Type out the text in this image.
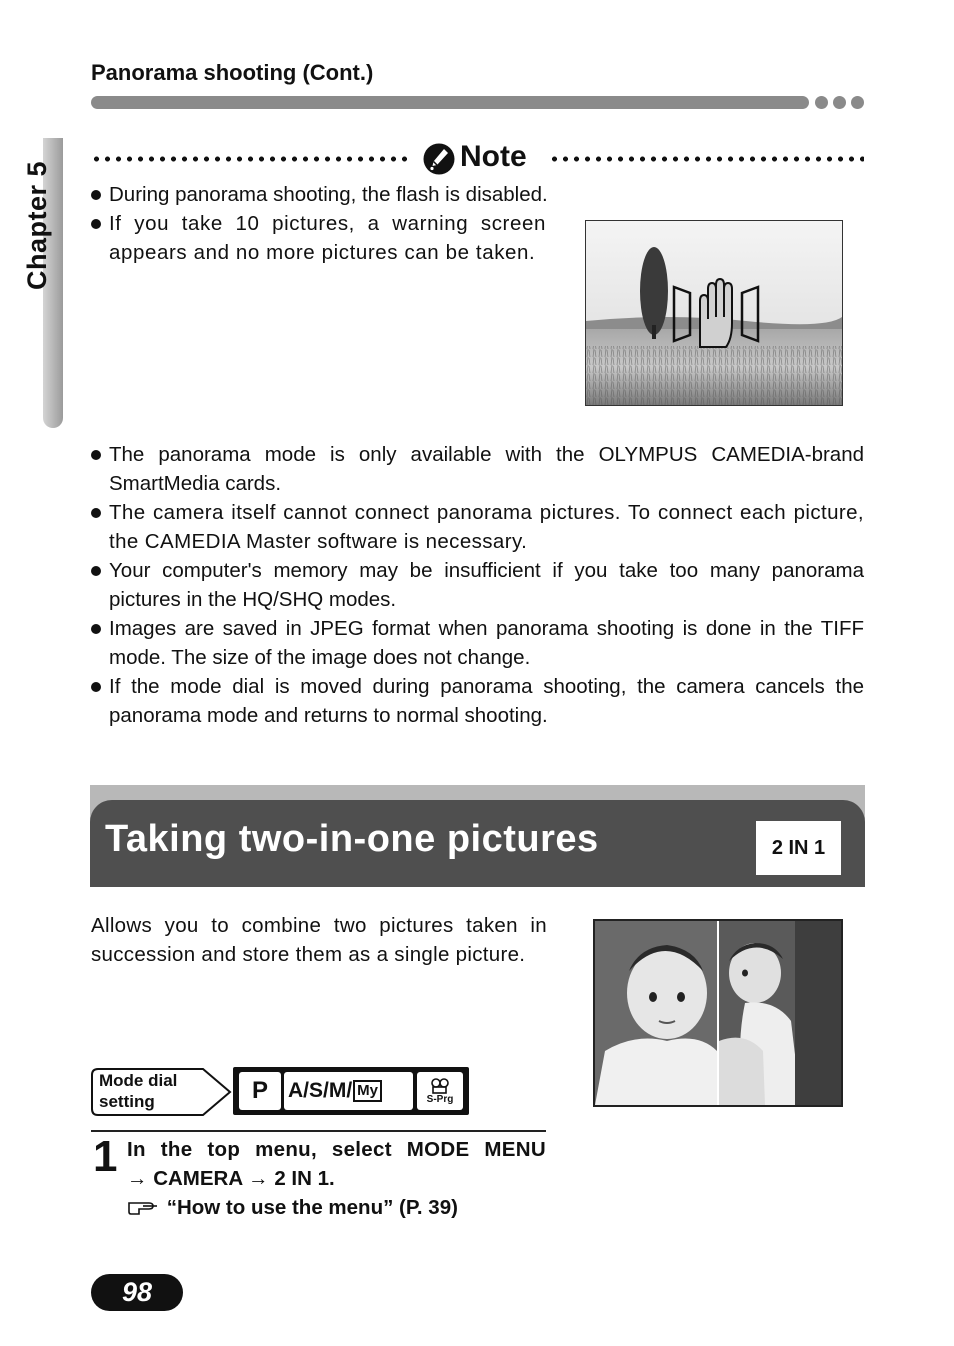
Panorama shooting (Cont.)
Chapter 5
Note
During panorama shooting, the flash is disabled.
If you take 10 pictures, a warning screen appears and no more pictures can be taken.
The panorama mode is only available with the OLYMPUS CAMEDIA-brand SmartMedia cards.
The camera itself cannot connect panorama pictures. To connect each picture, the CAMEDIA Master software is necessary.
Your computer's memory may be insufficient if you take too many panorama pictures in the HQ/SHQ modes.
Images are saved in JPEG format when panorama shooting is done in the TIFF mode. The size of the image does not change.
If the mode dial is moved during panorama shooting, the camera cancels the panorama mode and returns to normal shooting.
Taking two-in-one pictures	2 IN 1
Allows you to combine two pictures taken in succession and store them as a single picture.
Mode dial
setting	P A/S/M/ My	S-Prg
1 In the top menu, select MODE MENU
→ CAMERA → 2 IN 1.
“How to use the menu” (P. 39)
98
